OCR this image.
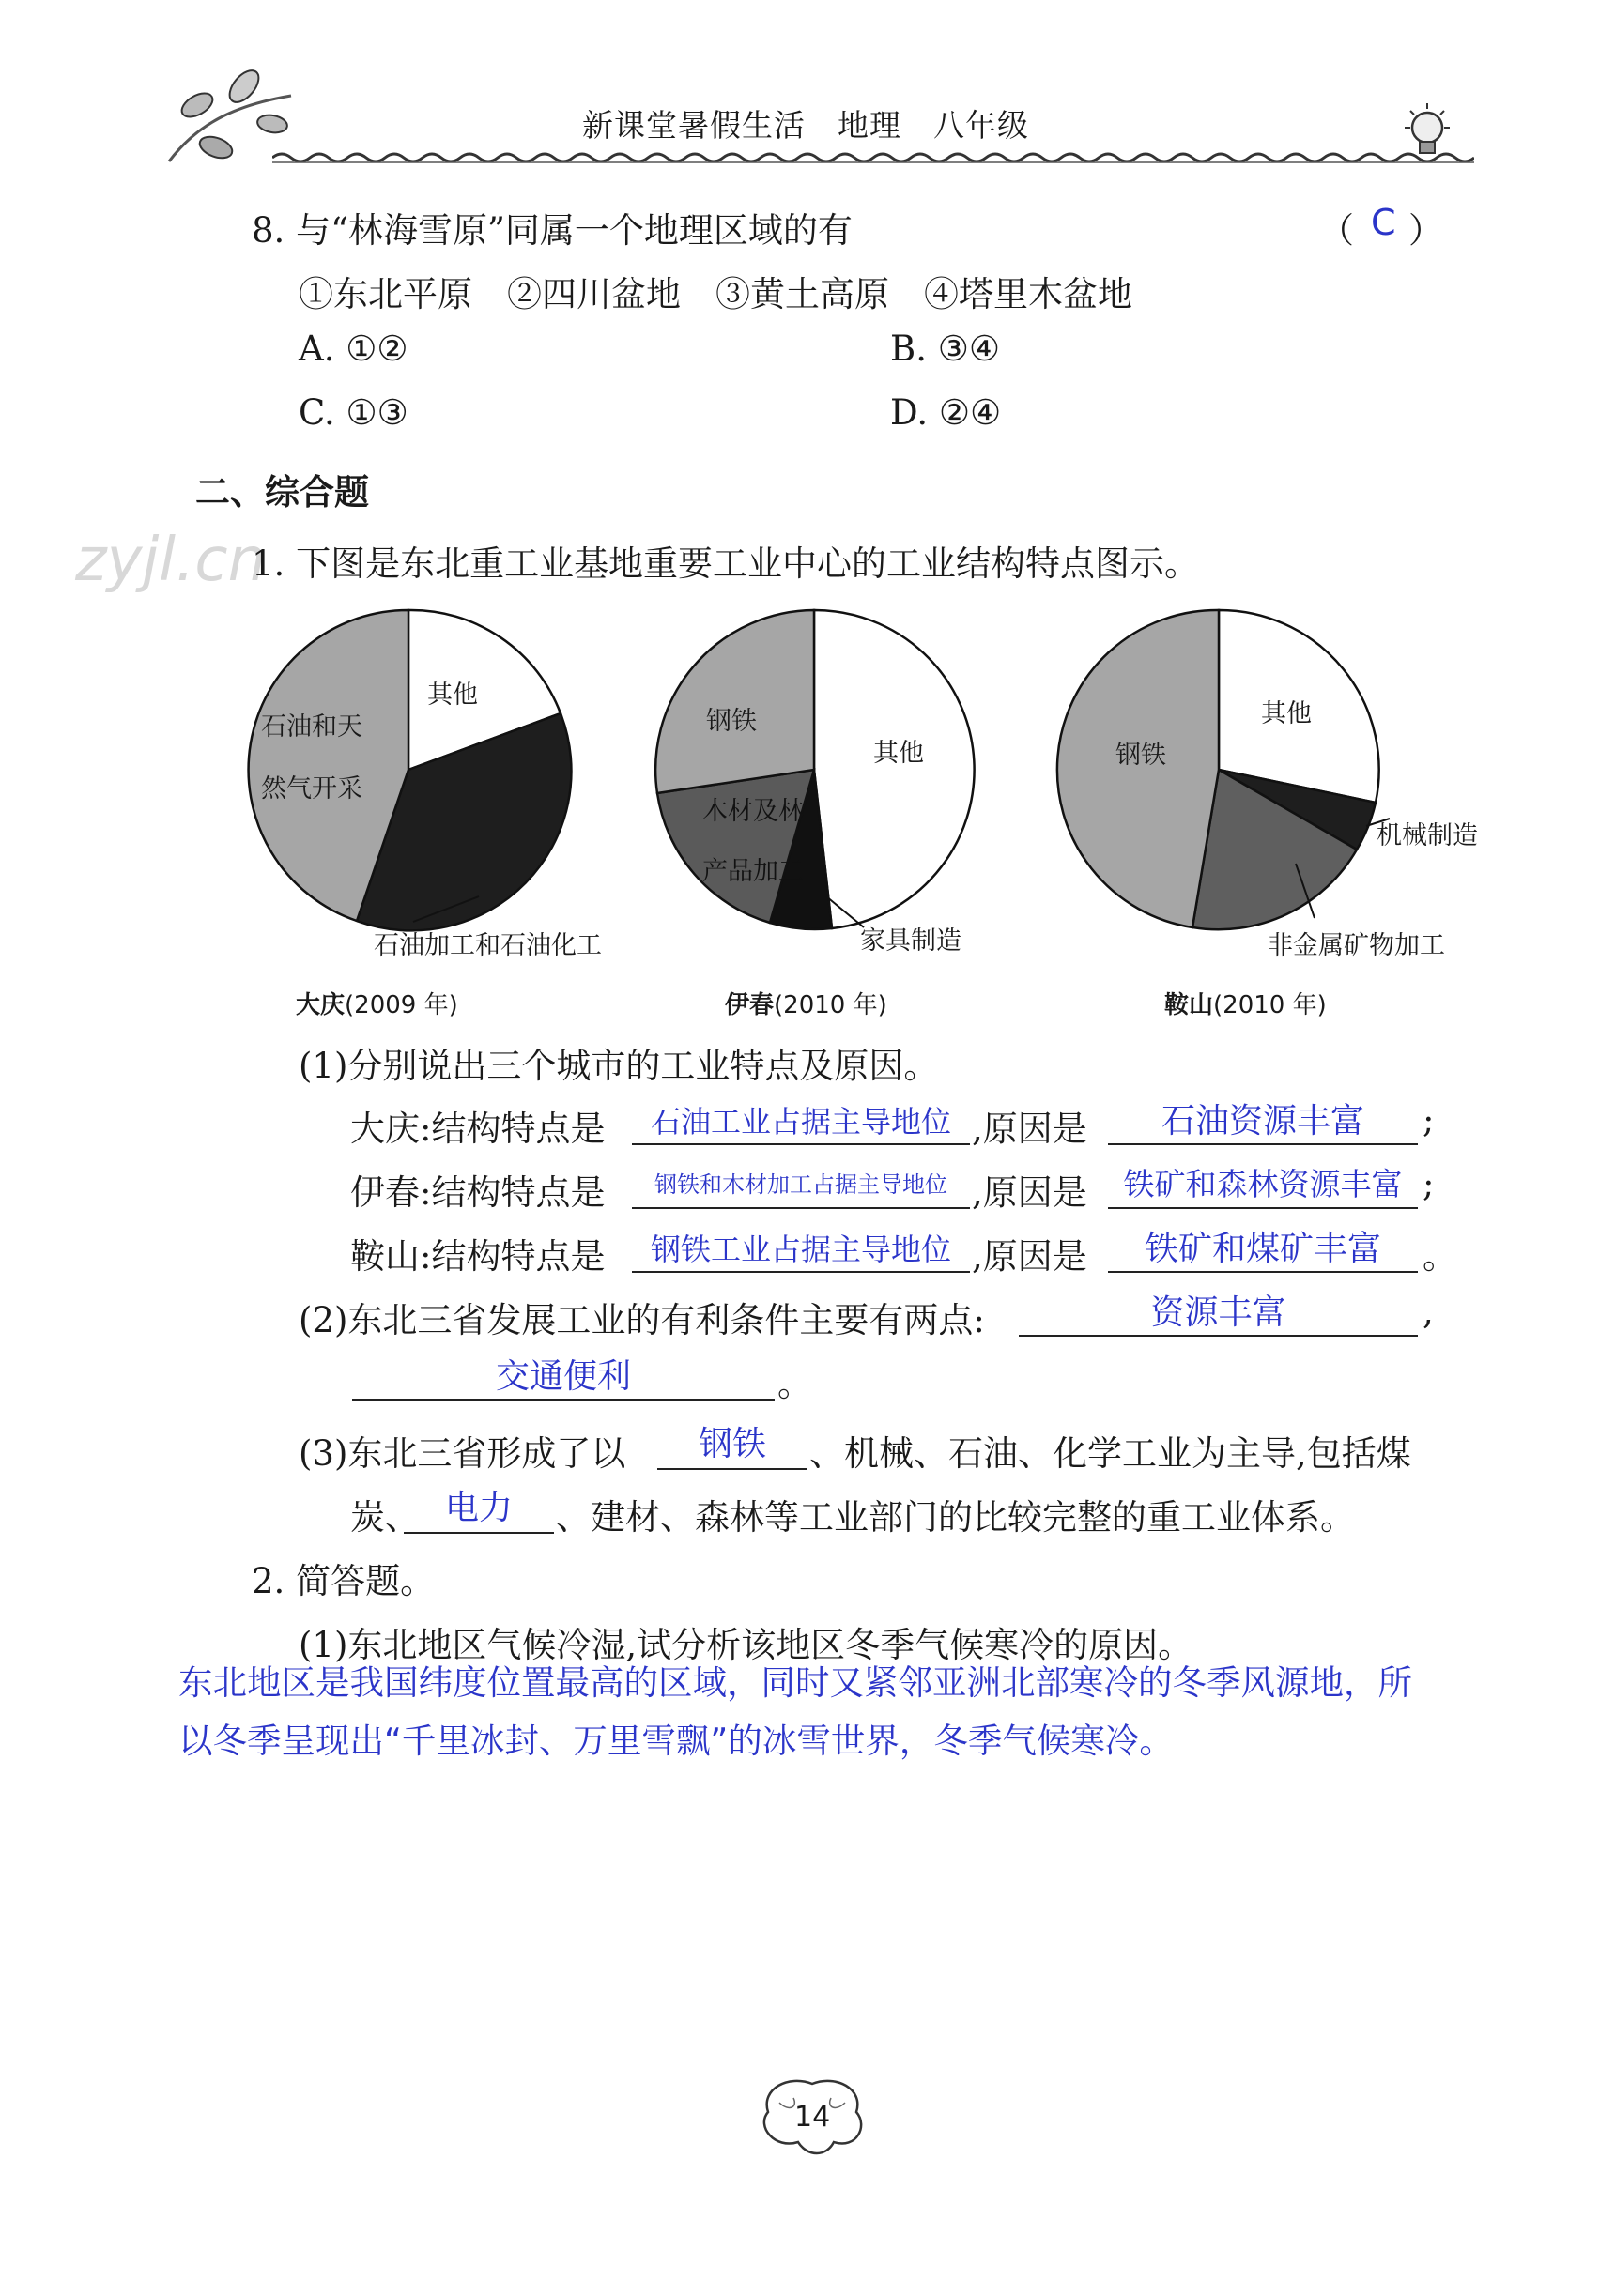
新课堂暑假生活　地理　八年级
zyjl.cn
8. 与“林海雪原”同属一个地理区域的有	（ C ）
①东北平原　②四川盆地　③黄土高原　④塔里木盆地
A. ①②	B. ③④
C. ①③	D. ②④
二、综合题
1. 下图是东北重工业基地重要工业中心的工业结构特点图示。
其他
石油和天
然气开采
石油加工和石油化工
钢铁
其他
木材及林
产品加工
家具制造
其他
钢铁
机械制造
非金属矿物加工
大庆(2009 年)	伊春(2010 年)	鞍山(2010 年)
(1)分别说出三个城市的工业特点及原因。
大庆:结构特点是	石油工业占据主导地位 ,原因是	石油资源丰富	;
伊春:结构特点是	钢铁和木材加工占据主导地位 ,原因是	铁矿和森林资源丰富 ;
鞍山:结构特点是	钢铁工业占据主导地位 ,原因是	铁矿和煤矿丰富	。
(2)东北三省发展工业的有利条件主要有两点:	资源丰富	,
交通便利	。
(3)东北三省形成了以	钢铁	、机械、石油、化学工业为主导,包括煤
炭、 电力	、建材、森林等工业部门的比较完整的重工业体系。
2. 简答题。
(1)东北地区气候冷湿,试分析该地区冬季气候寒冷的原因。
东北地区是我国纬度位置最高的区域，同时又紧邻亚洲北部寒冷的冬季风源地，所
以冬季呈现出“千里冰封、万里雪飘”的冰雪世界，冬季气候寒冷。
14
